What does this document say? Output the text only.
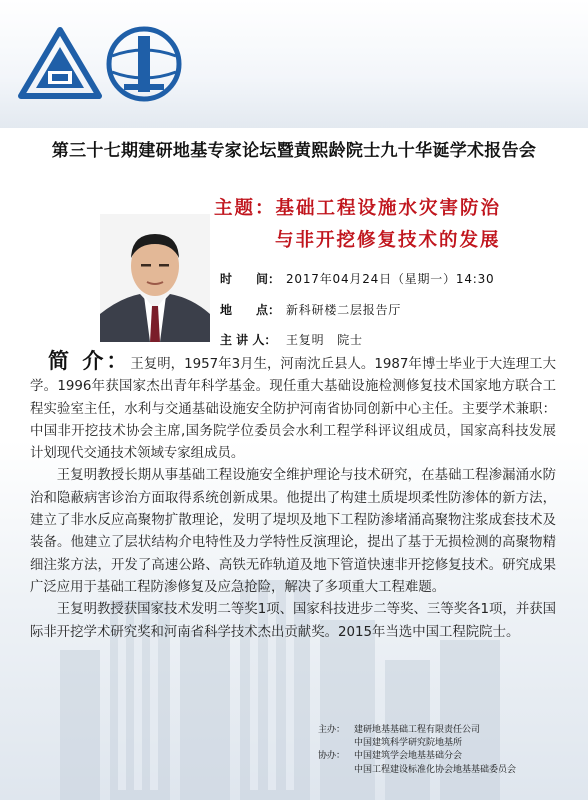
第三十七期建研地基专家论坛暨黄熙龄院士九十华诞学术报告会
主题：基础工程设施水灾害防治
与非开挖修复技术的发展
时　　间： 2017年04月24日（星期一）14:30
地　　点： 新科研楼二层报告厅
主 讲 人： 王复明　院士

简 介：王复明，1957年3月生，河南沈丘县人。1987年博士毕业于大连理工大学。1996年获国家杰出青年科学基金。现任重大基础设施检测修复技术国家地方联合工程实验室主任，水利与交通基础设施安全防护河南省协同创新中心主任。主要学术兼职：中国非开挖技术协会主席,国务院学位委员会水利工程学科评议组成员，国家高科技发展计划现代交通技术领域专家组成员。

王复明教授长期从事基础工程设施安全维护理论与技术研究，在基础工程渗漏涌水防治和隐蔽病害诊治方面取得系统创新成果。他提出了构建土质堤坝柔性防渗体的新方法，建立了非水反应高聚物扩散理论，发明了堤坝及地下工程防渗堵涌高聚物注浆成套技术及装备。他建立了层状结构介电特性及力学特性反演理论，提出了基于无损检测的高聚物精细注浆方法，开发了高速公路、高铁无砟轨道及地下管道快速非开挖修复技术。研究成果广泛应用于基础工程防渗修复及应急抢险，解决了多项重大工程难题。

王复明教授获国家技术发明二等奖1项、国家科技进步二等奖、三等奖各1项，并获国际非开挖学术研究奖和河南省科学技术杰出贡献奖。2015年当选中国工程院院士。

主办： 建研地基基础工程有限责任公司
中国建筑科学研究院地基所
协办： 中国建筑学会地基基础分会
中国工程建设标准化协会地基基础委员会
